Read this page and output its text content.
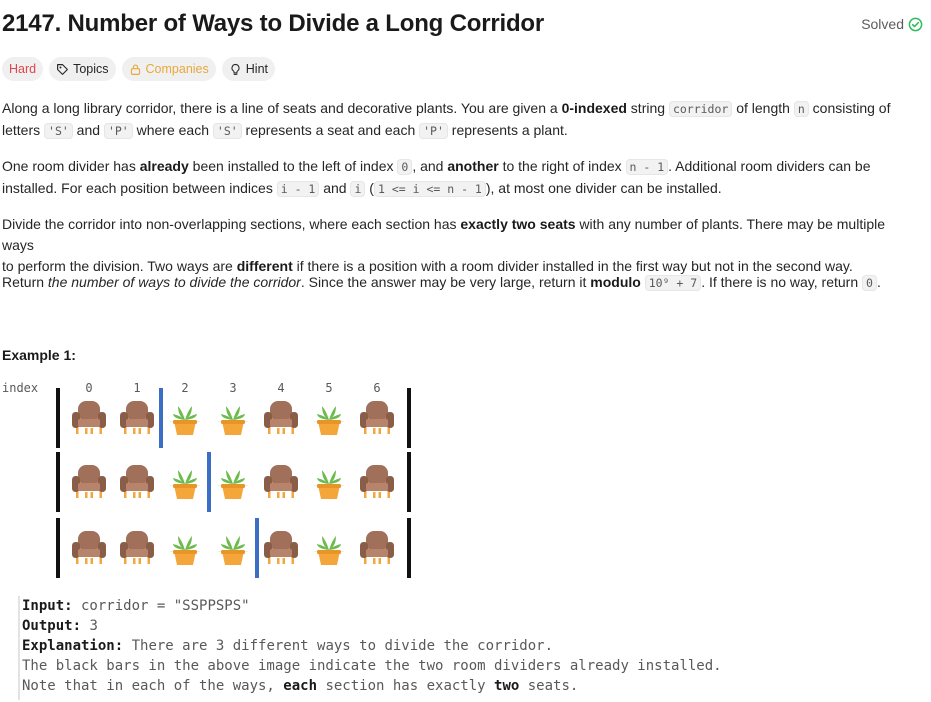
2147. Number of Ways to Divide a Long Corridor	Solved
Hard	Topics	Companies	Hint
Along a long library corridor, there is a line of seats and decorative plants. You are given a 0-indexed string corridor of length n consisting of
letters 'S' and 'P' where each 'S' represents a seat and each 'P' represents a plant.
One room divider has already been installed to the left of index 0 , and another to the right of index n - 1 . Additional room dividers can be
installed. For each position between indices i - 1 and i ( 1 <= i <= n - 1 ), at most one divider can be installed.
Divide the corridor into non-overlapping sections, where each section has exactly two seats with any number of plants. There may be multiple ways
to perform the division. Two ways are different if there is a position with a room divider installed in the first way but not in the second way.
Return the number of ways to divide the corridor. Since the answer may be very large, return it modulo 10⁹ + 7 . If there is no way, return 0 .
Example 1:
index	0	1	2	3	4	5	6
Input: corridor = "SSPPSPS"
Output: 3
Explanation: There are 3 different ways to divide the corridor.
The black bars in the above image indicate the two room dividers already installed.
Note that in each of the ways, each section has exactly two seats.
